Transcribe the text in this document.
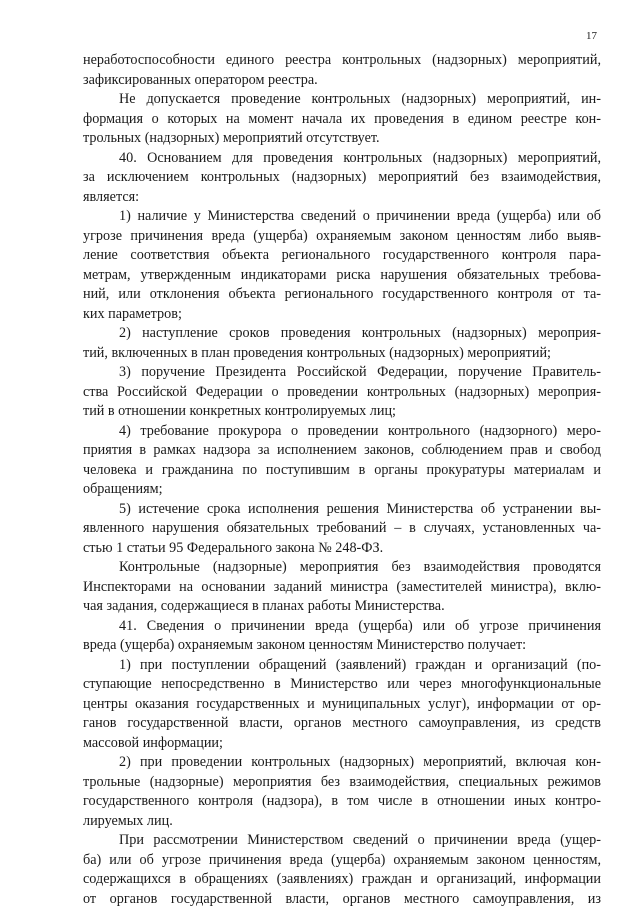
17
неработоспособности единого реестра контрольных (надзорных) мероприятий,
зафиксированных оператором реестра.
Не допускается проведение контрольных (надзорных) мероприятий, ин-
формация о которых на момент начала их проведения в едином реестре кон-
трольных (надзорных) мероприятий отсутствует.
40. Основанием для проведения контрольных (надзорных) мероприятий,
за исключением контрольных (надзорных) мероприятий без взаимодействия,
является:
1) наличие у Министерства сведений о причинении вреда (ущерба) или об
угрозе причинения вреда (ущерба) охраняемым законом ценностям либо выяв-
ление соответствия объекта регионального государственного контроля пара-
метрам, утвержденным индикаторами риска нарушения обязательных требова-
ний, или отклонения объекта регионального государственного контроля от та-
ких параметров;
2) наступление сроков проведения контрольных (надзорных) мероприя-
тий, включенных в план проведения контрольных (надзорных) мероприятий;
3) поручение Президента Российской Федерации, поручение Правитель-
ства Российской Федерации о проведении контрольных (надзорных) мероприя-
тий в отношении конкретных контролируемых лиц;
4) требование прокурора о проведении контрольного (надзорного) меро-
приятия в рамках надзора за исполнением законов, соблюдением прав и свобод
человека и гражданина по поступившим в органы прокуратуры материалам и
обращениям;
5) истечение срока исполнения решения Министерства об устранении вы-
явленного нарушения обязательных требований – в случаях, установленных ча-
стью 1 статьи 95 Федерального закона № 248-ФЗ.
Контрольные (надзорные) мероприятия без взаимодействия проводятся
Инспекторами на основании заданий министра (заместителей министра), вклю-
чая задания, содержащиеся в планах работы Министерства.
41. Сведения о причинении вреда (ущерба) или об угрозе причинения
вреда (ущерба) охраняемым законом ценностям Министерство получает:
1) при поступлении обращений (заявлений) граждан и организаций (по-
ступающие непосредственно в Министерство или через многофункциональные
центры оказания государственных и муниципальных услуг), информации от ор-
ганов государственной власти, органов местного самоуправления, из средств
массовой информации;
2) при проведении контрольных (надзорных) мероприятий, включая кон-
трольные (надзорные) мероприятия без взаимодействия, специальных режимов
государственного контроля (надзора), в том числе в отношении иных контро-
лируемых лиц.
При рассмотрении Министерством сведений о причинении вреда (ущер-
ба) или об угрозе причинения вреда (ущерба) охраняемым законом ценностям,
содержащихся в обращениях (заявлениях) граждан и организаций, информации
от органов государственной власти, органов местного самоуправления, из
